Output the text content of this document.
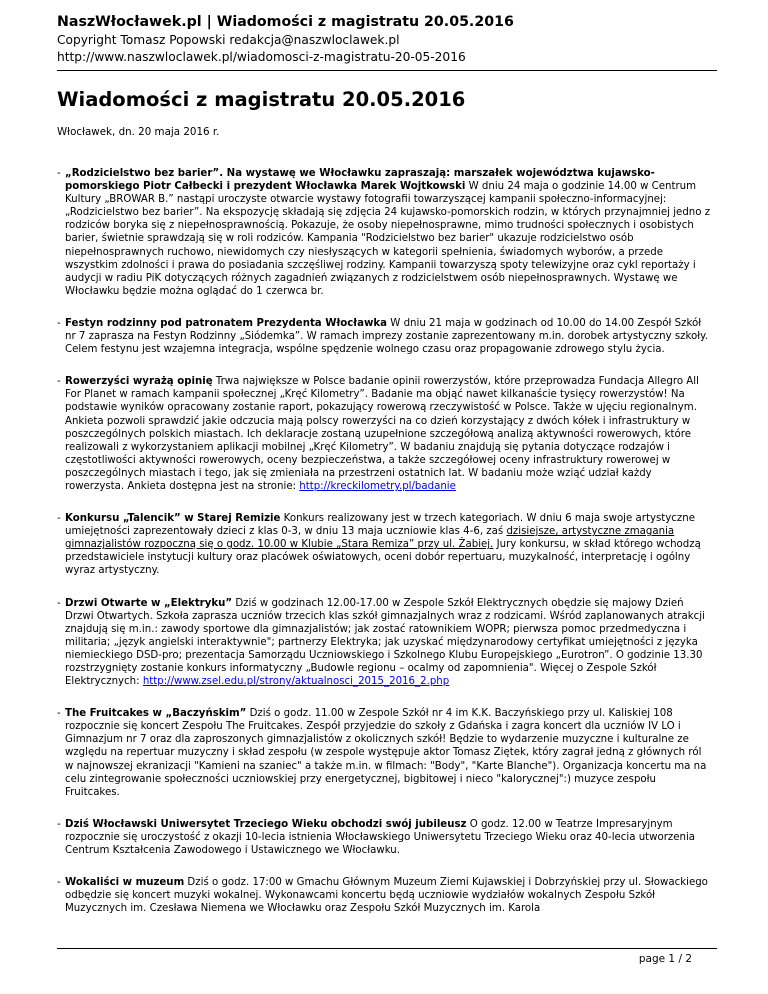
NaszWłocławek.pl | Wiadomości z magistratu 20.05.2016
Copyright Tomasz Popowski redakcja@naszwloclawek.pl
http://www.naszwloclawek.pl/wiadomosci-z-magistratu-20-05-2016
Wiadomości z magistratu 20.05.2016
Włocławek, dn. 20 maja 2016 r.
- „Rodzicielstwo bez barier”. Na wystawę we Włocławku zapraszają: marszałek województwa kujawsko-pomorskiego Piotr Całbecki i prezydent Włocławka Marek Wojtkowski W dniu 24 maja o godzinie 14.00 w Centrum Kultury „BROWAR B.” nastąpi uroczyste otwarcie wystawy fotografii towarzyszącej kampanii społeczno-informacyjnej: „Rodzicielstwo bez barier”. Na ekspozycję składają się zdjęcia 24 kujawsko-pomorskich rodzin, w których przynajmniej jedno z rodziców boryka się z niepełnosprawnością. Pokazuje, że osoby niepełnosprawne, mimo trudności społecznych i osobistych barier, świetnie sprawdzają się w roli rodziców. Kampania "Rodzicielstwo bez barier" ukazuje rodzicielstwo osób niepełnosprawnych ruchowo, niewidomych czy niesłyszących w kategorii spełnienia, świadomych wyborów, a przede wszystkim zdolności i prawa do posiadania szczęśliwej rodziny. Kampanii towarzyszą spoty telewizyjne oraz cykl reportaży i audycji w radiu PiK dotyczących różnych zagadnień związanych z rodzicielstwem osób niepełnosprawnych. Wystawę we Włocławku będzie można oglądać do 1 czerwca br.
- Festyn rodzinny pod patronatem Prezydenta Włocławka W dniu 21 maja w godzinach od 10.00 do 14.00 Zespół Szkół nr 7 zaprasza na Festyn Rodzinny „Siódemka”. W ramach imprezy zostanie zaprezentowany m.in. dorobek artystyczny szkoły. Celem festynu jest wzajemna integracja, wspólne spędzenie wolnego czasu oraz propagowanie zdrowego stylu życia.
- Rowerzyści wyrażą opinię Trwa największe w Polsce badanie opinii rowerzystów, które przeprowadza Fundacja Allegro All For Planet w ramach kampanii społecznej „Kręć Kilometry”. Badanie ma objąć nawet kilkanaście tysięcy rowerzystów! Na podstawie wyników opracowany zostanie raport, pokazujący rowerową rzeczywistość w Polsce. Także w ujęciu regionalnym. Ankieta pozwoli sprawdzić jakie odczucia mają polscy rowerzyści na co dzień korzystający z dwóch kółek i infrastruktury w poszczególnych polskich miastach. Ich deklaracje zostaną uzupełnione szczegółową analizą aktywności rowerowych, które realizowali z wykorzystaniem aplikacji mobilnej „Kręć Kilometry”. W badaniu znajdują się pytania dotyczące rodzajów i częstotliwości aktywności rowerowych, oceny bezpieczeństwa, a także szczegółowej oceny infrastruktury rowerowej w poszczególnych miastach i tego, jak się zmieniała na przestrzeni ostatnich lat. W badaniu może wziąć udział każdy rowerzysta. Ankieta dostępna jest na stronie: http://kreckilometry.pl/badanie
- Konkursu „Talencik” w Starej Remizie Konkurs realizowany jest w trzech kategoriach. W dniu 6 maja swoje artystyczne umiejętności zaprezentowały dzieci z klas 0-3, w dniu 13 maja uczniowie klas 4-6, zaś dzisiejsze, artystyczne zmagania gimnazjalistów rozpoczną się o godz. 10.00 w Klubie „Stara Remiza” przy ul. Żabiej. Jury konkursu, w skład którego wchodzą przedstawiciele instytucji kultury oraz placówek oświatowych, oceni dobór repertuaru, muzykalność, interpretację i ogólny wyraz artystyczny.
- Drzwi Otwarte w „Elektryku” Dziś w godzinach 12.00-17.00 w Zespole Szkół Elektrycznych obędzie się majowy Dzień Drzwi Otwartych. Szkoła zaprasza uczniów trzecich klas szkół gimnazjalnych wraz z rodzicami. Wśród zaplanowanych atrakcji znajdują się m.in.: zawody sportowe dla gimnazjalistów; jak zostać ratownikiem WOPR; pierwsza pomoc przedmedyczna i militaria; „język angielski interaktywnie"; partnerzy Elektryka; jak uzyskać międzynarodowy certyfikat umiejętności z języka niemieckiego DSD-pro; prezentacja Samorządu Uczniowskiego i Szkolnego Klubu Europejskiego „Eurotron”. O godzinie 13.30 rozstrzygnięty zostanie konkurs informatyczny „Budowle regionu – ocalmy od zapomnienia". Więcej o Zespole Szkół Elektrycznych: http://www.zsel.edu.pl/strony/aktualnosci_2015_2016_2.php
- The Fruitcakes w „Baczyńskim” Dziś o godz. 11.00 w Zespole Szkół nr 4 im K.K. Baczyńskiego przy ul. Kaliskiej 108 rozpocznie się koncert Zespołu The Fruitcakes. Zespół przyjedzie do szkoły z Gdańska i zagra koncert dla uczniów IV LO i Gimnazjum nr 7 oraz dla zaproszonych gimnazjalistów z okolicznych szkół! Będzie to wydarzenie muzyczne i kulturalne ze względu na repertuar muzyczny i skład zespołu (w zespole występuje aktor Tomasz Ziętek, który zagrał jedną z głównych ról w najnowszej ekranizacji "Kamieni na szaniec" a także m.in. w filmach: "Body", "Karte Blanche"). Organizacja koncertu ma na celu zintegrowanie społeczności uczniowskiej przy energetycznej, bigbitowej i nieco "kalorycznej":) muzyce zespołu Fruitcakes.
- Dziś Włocławski Uniwersytet Trzeciego Wieku obchodzi swój jubileusz O godz. 12.00 w Teatrze Impresaryjnym rozpocznie się uroczystość z okazji 10-lecia istnienia Włocławskiego Uniwersytetu Trzeciego Wieku oraz 40-lecia utworzenia Centrum Kształcenia Zawodowego i Ustawicznego we Włocławku.
- Wokaliści w muzeum Dziś o godz. 17:00 w Gmachu Głównym Muzeum Ziemi Kujawskiej i Dobrzyńskiej przy ul. Słowackiego odbędzie się koncert muzyki wokalnej. Wykonawcami koncertu będą uczniowie wydziałów wokalnych Zespołu Szkół Muzycznych im. Czesława Niemena we Włocławku oraz Zespołu Szkół Muzycznych im. Karola
page 1 / 2
